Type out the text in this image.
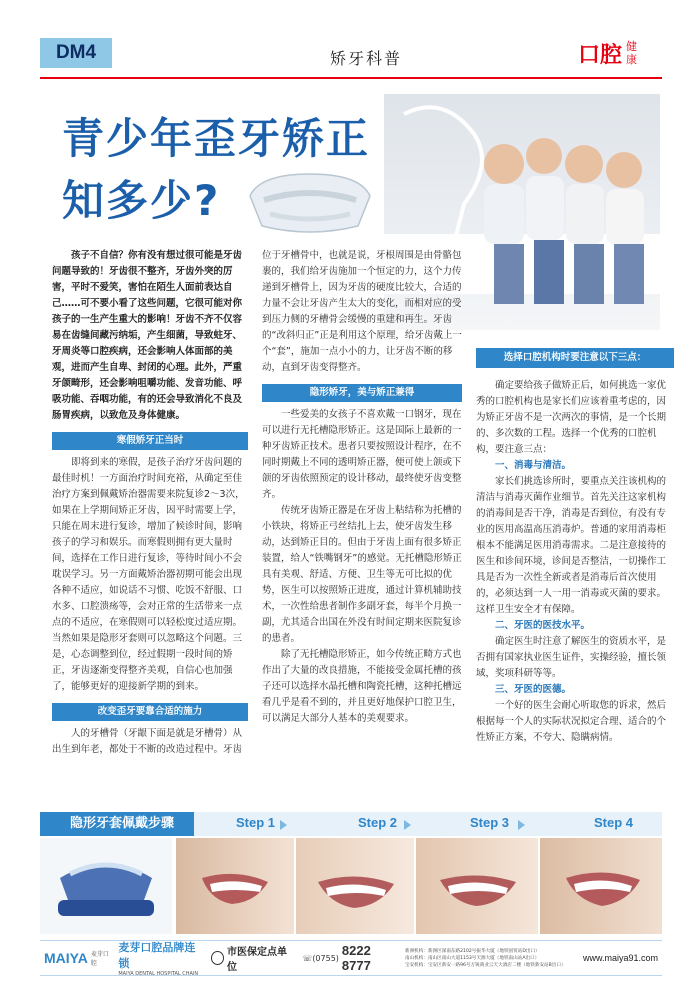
DM4	矫牙科普	口腔 健
康
青少年歪牙矫正
知多少?

孩子不自信？你有没有想过很可能是牙齿问题导致的！牙齿很不整齐，牙齿外突的厉害，平时不爱笑，害怕在陌生人面前表达自己……可不要小看了这些问题，它很可能对你孩子的一生产生重大的影响！牙齿不齐不仅容易在齿缝间藏污纳垢，产生细菌，导致蛀牙、牙周炎等口腔疾病，还会影响人体面部的美观，进而产生自卑、封闭的心理。此外，严重牙颌畸形，还会影响咀嚼功能、发音功能、呼吸功能、吞咽功能，有的还会导致消化不良及肠胃疾病，以致危及身体健康。

寒假矫牙正当时

即将到来的寒假，是孩子治疗牙齿问题的最佳时机！一方面治疗时间充裕，从确定至佳治疗方案到佩戴矫治器需要来院复诊2～3次，如果在上学期间矫正牙齿，因平时需要上学，只能在周末进行复诊，增加了候诊时间，影响孩子的学习和娱乐。而寒假则拥有更大量时间，选择在工作日进行复诊，等待时间小不会耽误学习。另一方面戴矫治器初期可能会出现各种不适应，如说话不习惯、吃饭不舒服、口水多、口腔溃疡等，会对正常的生活带来一点点的不适应，在寒假则可以轻松度过适应期。当然如果是隐形牙套则可以忽略这个问题。三是，心态调整到位，经过假期一段时间的矫正，牙齿逐渐变得整齐美观，自信心也加强了，能够更好的迎接新学期的到来。

改变歪牙要靠合适的施力

人的牙槽骨（牙龈下面是就是牙槽骨）从出生到年老，都处于不断的改造过程中。牙齿

位于牙槽骨中，也就是说，牙根周围是由骨骼包裹的，我们给牙齿施加一个恒定的力，这个力传递到牙槽骨上，因为牙齿的硬度比较大，合适的力量不会让牙齿产生太大的变化，而相对应的受到压力侧的牙槽骨会缓慢的重建和再生。牙齿的“改斜归正”正是利用这个原理，给牙齿戴上一个“套”，施加一点小小的力，让牙齿不断的移动，直到牙齿变得整齐。

隐形矫牙，美与矫正兼得

一些爱美的女孩子不喜欢戴一口钢牙，现在可以进行无托槽隐形矫正。这是国际上最新的一种牙齿矫正技术。患者只要按照设计程序，在不同时期戴上不同的透明矫正器，便可使上颌或下颌的牙齿依照预定的设计移动，最终使牙齿变整齐。

传统牙齿矫正器是在牙齿上粘结称为托槽的小铁块，将矫正弓丝结扎上去，使牙齿发生移动，达到矫正目的。但由于牙齿上面有很多矫正装置，给人“铁嘴钢牙”的感觉。无托槽隐形矫正具有美观、舒适、方便、卫生等无可比拟的优势，医生可以按照矫正进度，通过计算机辅助技术，一次性给患者制作多副牙套，每半个月换一副，尤其适合出国在外没有时间定期来医院复诊的患者。

除了无托槽隐形矫正，如今传统正畸方式也作出了大量的改良措施，不能接受金属托槽的孩子还可以选择水晶托槽和陶瓷托槽，这种托槽远看几乎是看不到的，并且更好地保护口腔卫生，可以满足大部分人基本的美观要求。

选择口腔机构时要注意以下三点：

确定要给孩子做矫正后，如何挑选一家优秀的口腔机构也是家长们应该着重考虑的，因为矫正牙齿不是一次两次的事情，是一个长期的、多次数的工程。选择一个优秀的口腔机构，要注意三点：

一、消毒与清洁。

家长们挑选诊所时，要重点关注该机构的清洁与消毒灭菌作业细节。首先关注这家机构的消毒间是否干净，消毒是否到位，有没有专业的医用高温高压消毒炉。普通的家用消毒柜根本不能满足医用消毒需求。二是注意接待的医生和诊间环境，诊间是否整洁，一切操作工具是否为一次性全新或者是消毒后首次使用的，必须达到一人一用一消毒或灭菌的要求。这样卫生安全才有保障。

二、牙医的医技水平。

确定医生时注意了解医生的资质水平，是否拥有国家执业医生证件，实操经验，擅长领域，奖项科研等等。

三、牙医的医德。

一个好的医生会耐心听取您的诉求，然后根据每一个人的实际状况拟定合理、适合的个性矫正方案，不夸大、隐瞒病情。

隐形牙套佩戴步骤	Step 1	Step 2	Step 3	Step 4
MAIYA 麦芽口腔
麦芽口腔品牌连锁
MAIYA DENTAL HOSPITAL CHAIN
市医保定点单位
☏ (0755) 8222 8777
新洲机构：新洲区深南东路2102号振华大厦（地铁国贸站D出口）
南山机构：南山区南山大道1153号天源大厦（地铁南山站A出口）
宝安机构：宝安区新安一路96号万锐商业云天大酒店二楼（地铁新安站B出口）
www.maiya91.com
